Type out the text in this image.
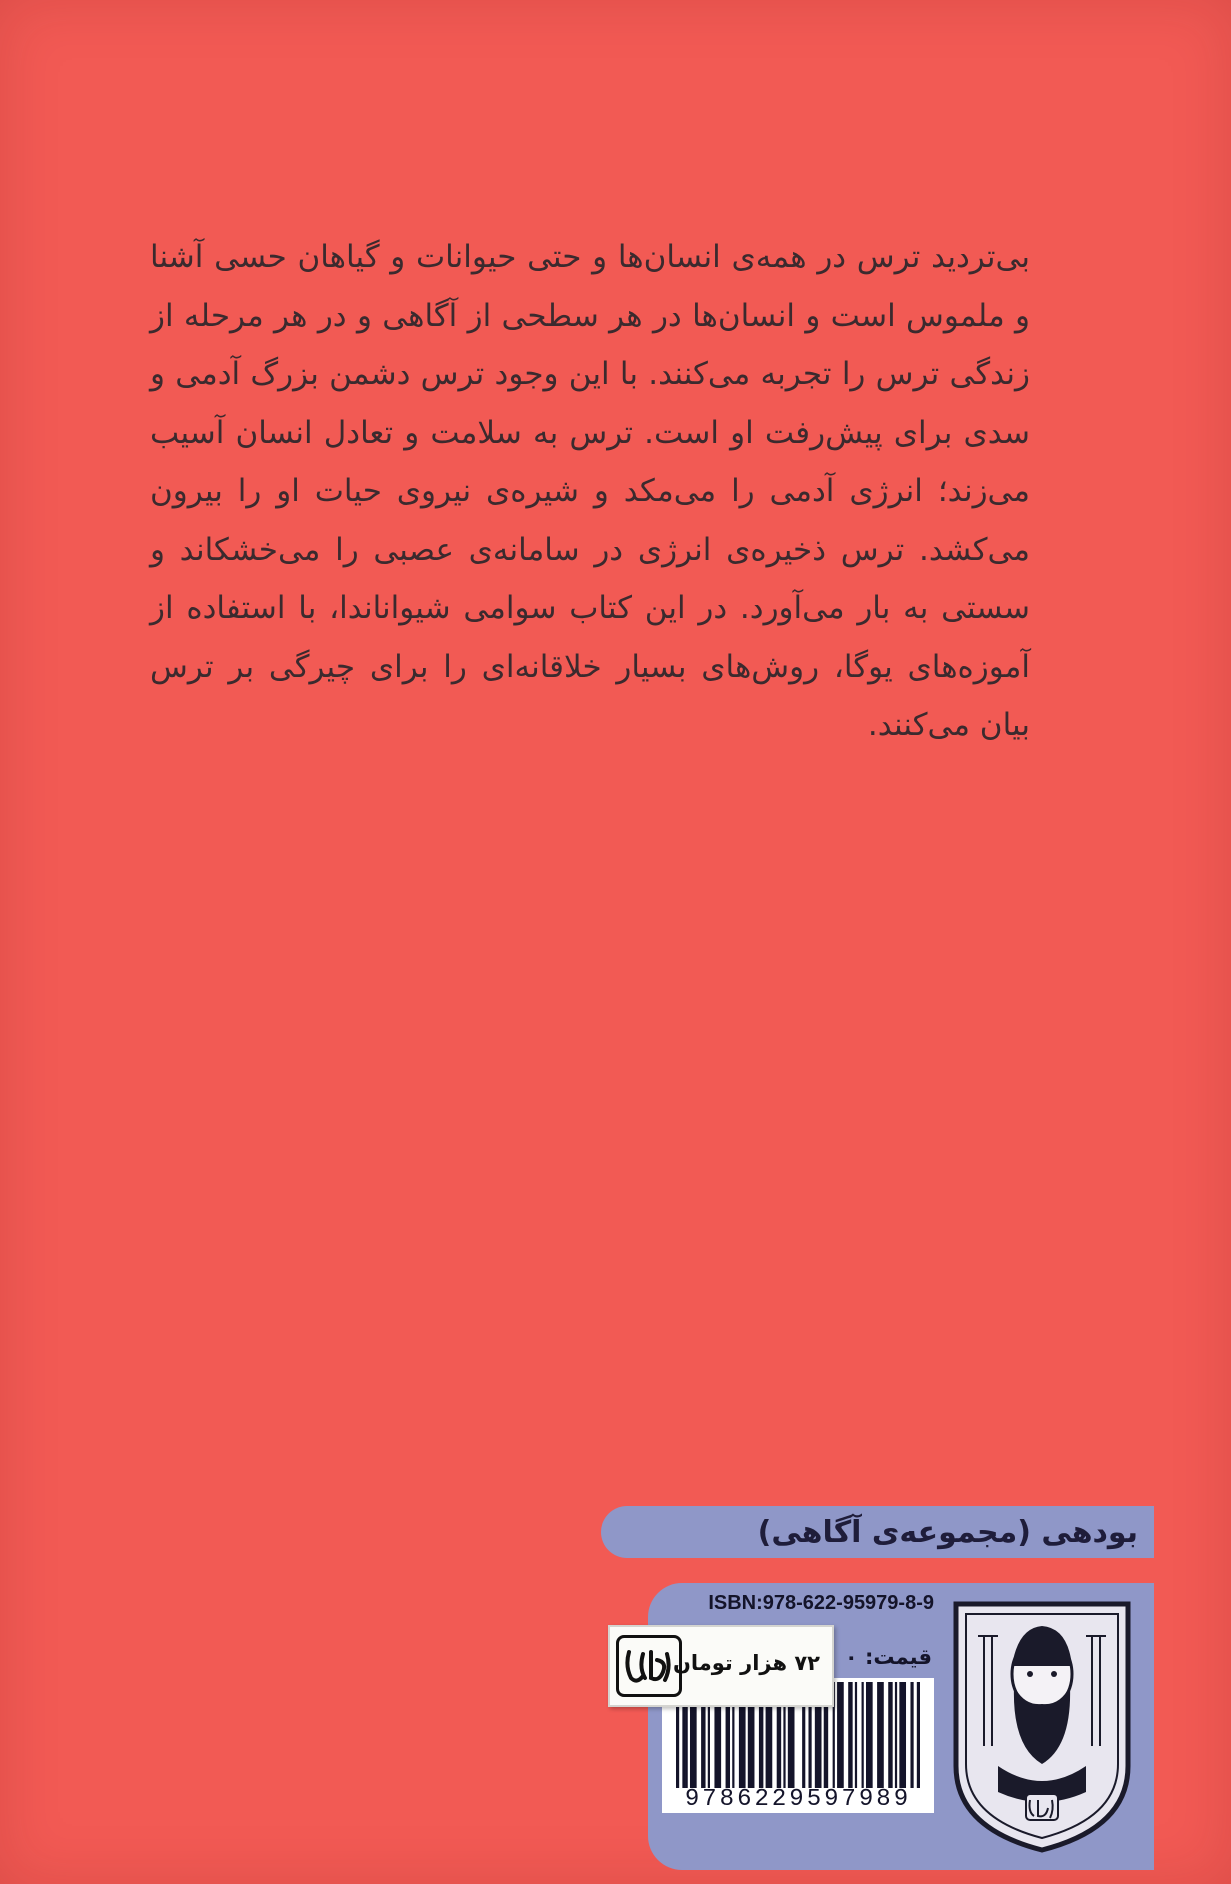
بی‌تردید ترس در همه‌ی انسان‌ها و حتی حیوانات و گیاهان حسی آشنا و ملموس است و انسان‌ها در هر سطحی از آگاهی و در هر مرحله از زندگی ترس را تجربه می‌کنند. با این وجود ترس دشمن بزرگ آدمی و سدی برای پیش‌رفت او است. ترس به سلامت و تعادل انسان آسیب می‌زند؛ انرژی آدمی را می‌مکد و شیره‌ی نیروی حیات او را بیرون می‌کشد. ترس ذخیره‌ی انرژی در سامانه‌ی عصبی را می‌خشکاند و سستی به بار می‌آورد. در این کتاب سوامی شیواناندا، با استفاده از آموزه‌های یوگا، روش‌های بسیار خلاقانه‌ای را برای چیرگی بر ترس بیان می‌کنند.

بودهی (مجموعه‌ی آگاهی)
ISBN:978-622-95979-8-9
قیمت: ۰
9786229597989
۷۲ هزار تومان
